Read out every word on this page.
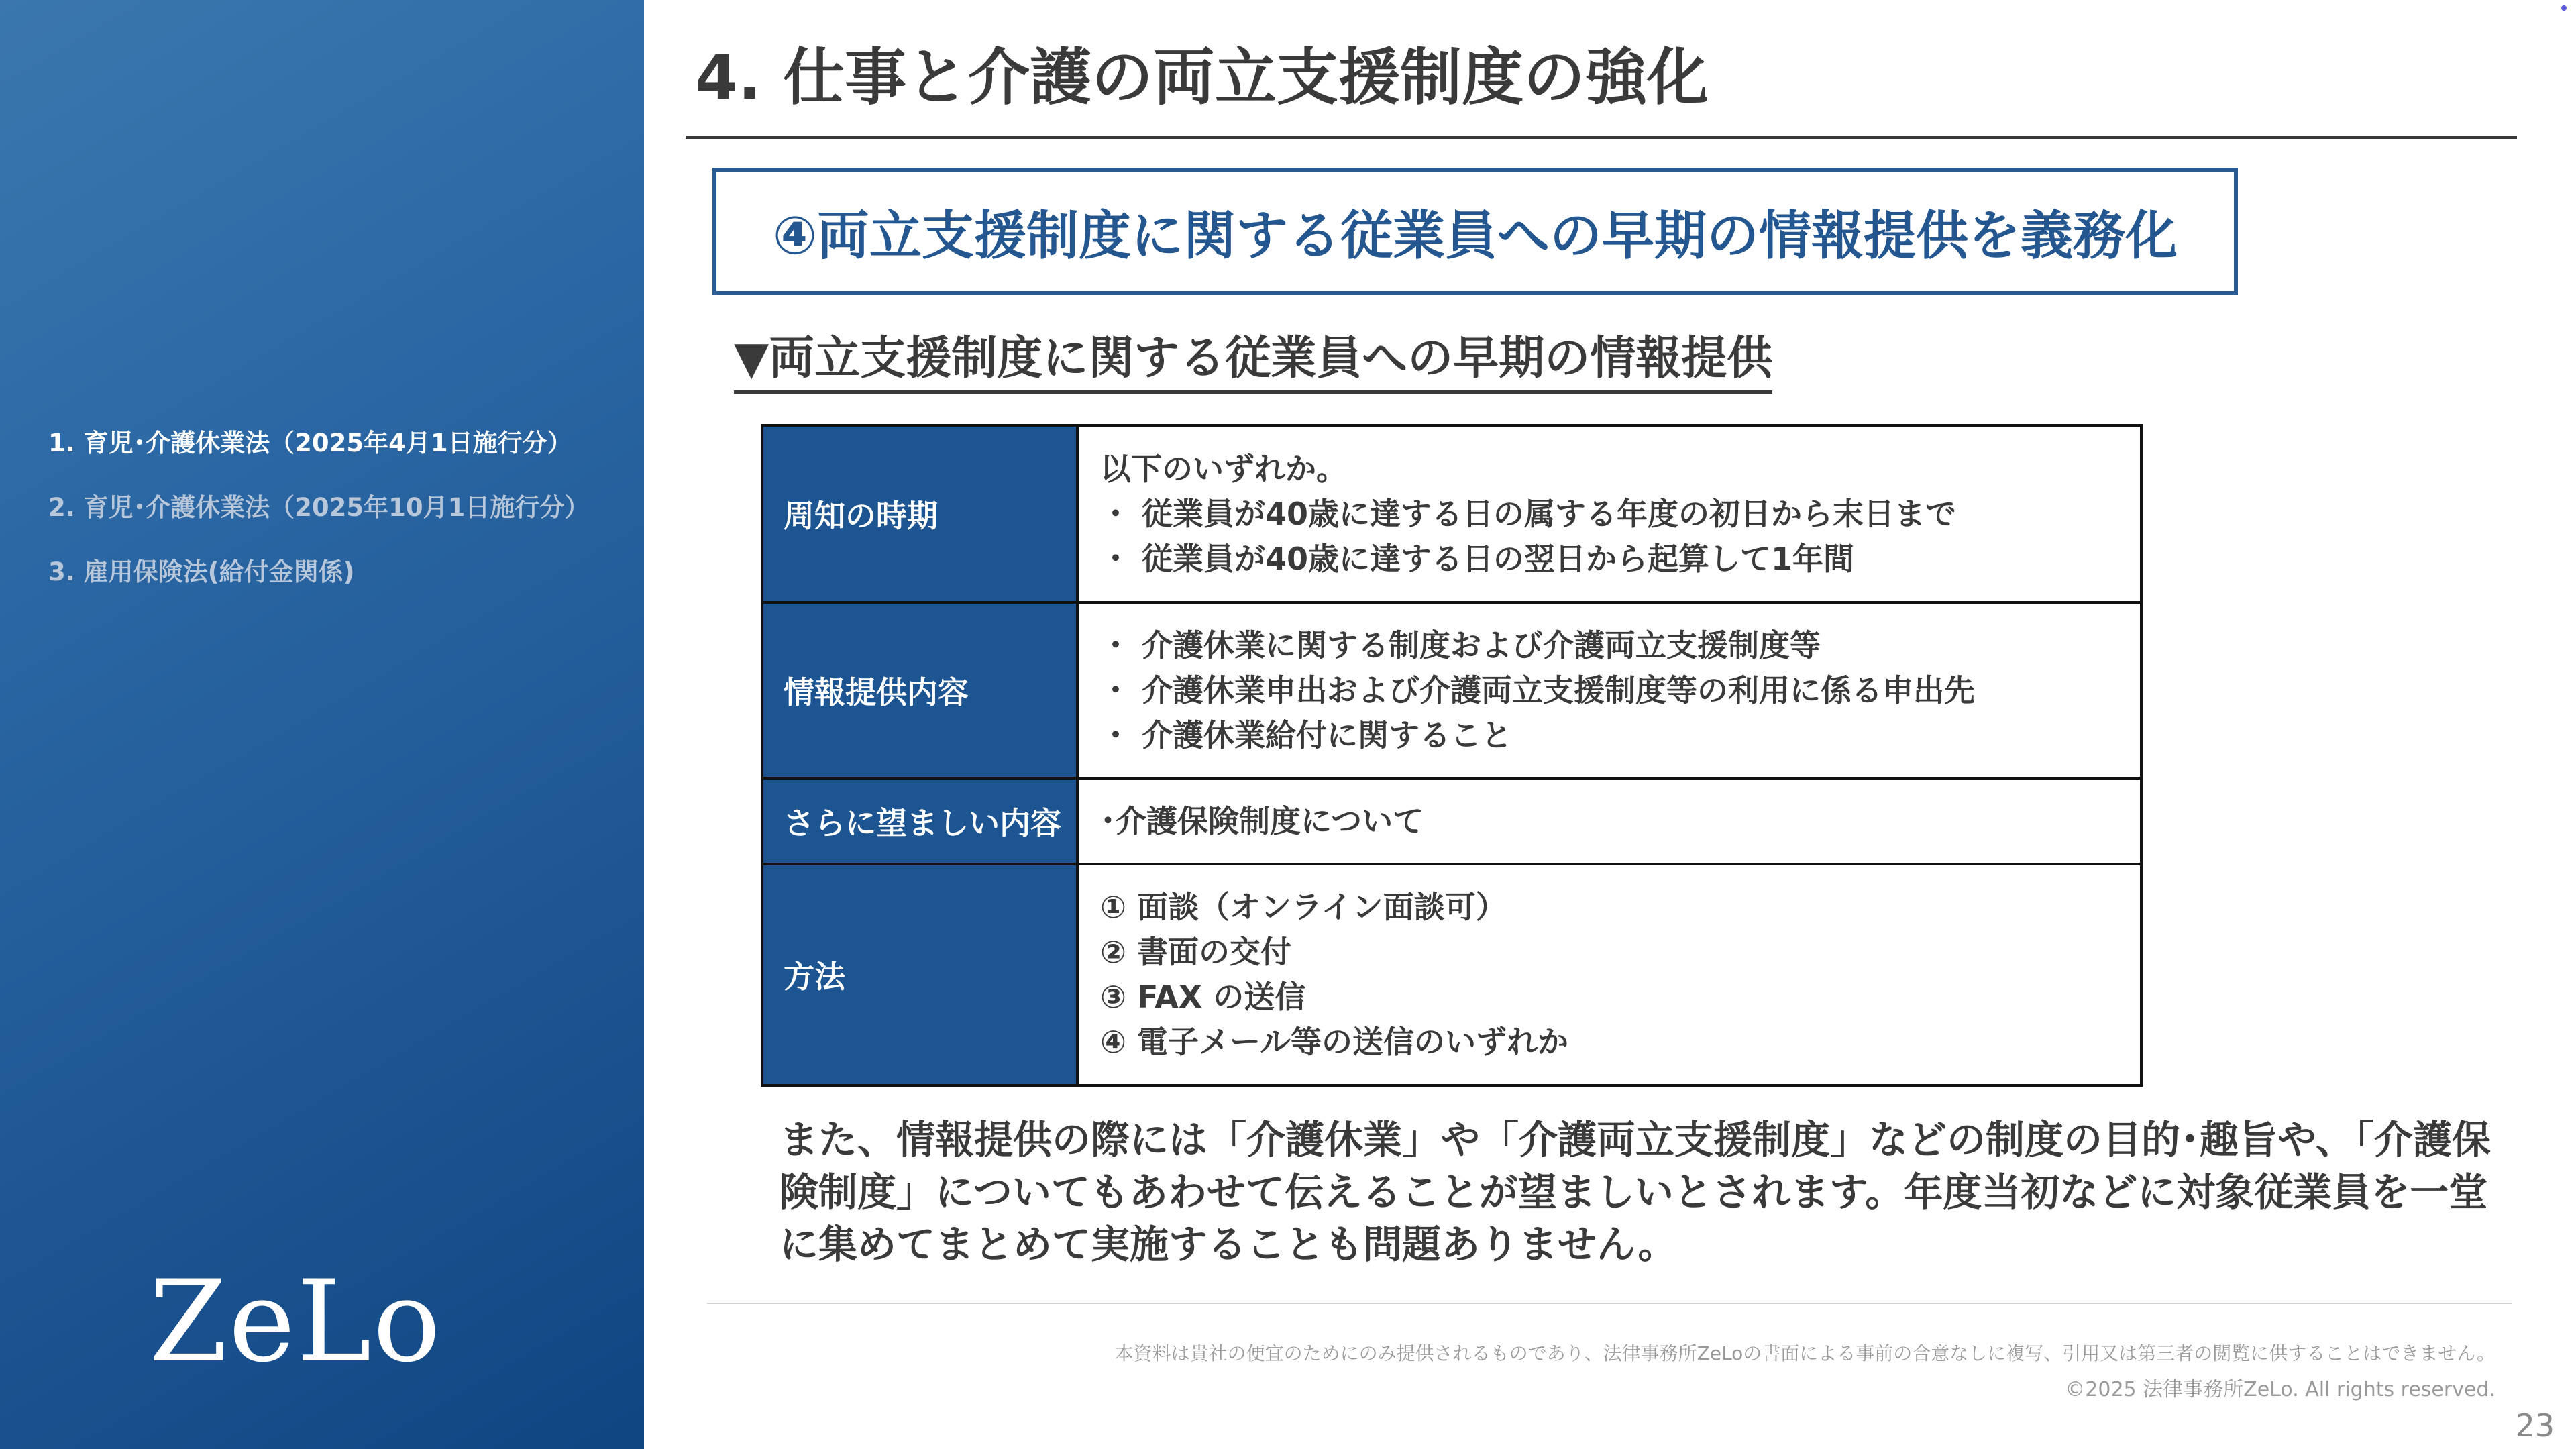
1. 育児･介護休業法（2025年4月1日施行分）
2. 育児･介護休業法（2025年10月1日施行分）
3. 雇用保険法(給付金関係)
ZeLo
4. 仕事と介護の両立支援制度の強化
④両立支援制度に関する従業員への早期の情報提供を義務化
▼両立支援制度に関する従業員への早期の情報提供
周知の時期	以下のいずれか。
・ 従業員が40歳に達する日の属する年度の初日から末日まで
・ 従業員が40歳に達する日の翌日から起算して1年間

情報提供内容	・ 介護休業に関する制度および介護両立支援制度等
・ 介護休業申出および介護両立支援制度等の利用に係る申出先
・ 介護休業給付に関すること

さらに望ましい内容	･介護保険制度について

方法	① 面談（オンライン面談可）
② 書面の交付
③ FAX の送信
④ 電子メール等の送信のいずれか
また、情報提供の際には「介護休業」や「介護両立支援制度」などの制度の目的･趣旨や、「介護保険制度」についてもあわせて伝えることが望ましいとされます。年度当初などに対象従業員を一堂に集めてまとめて実施することも問題ありません。
本資料は貴社の便宜のためにのみ提供されるものであり、法律事務所ZeLoの書面による事前の合意なしに複写、引用又は第三者の閲覧に供することはできません。
©2025 法律事務所ZeLo. All rights reserved.
23
